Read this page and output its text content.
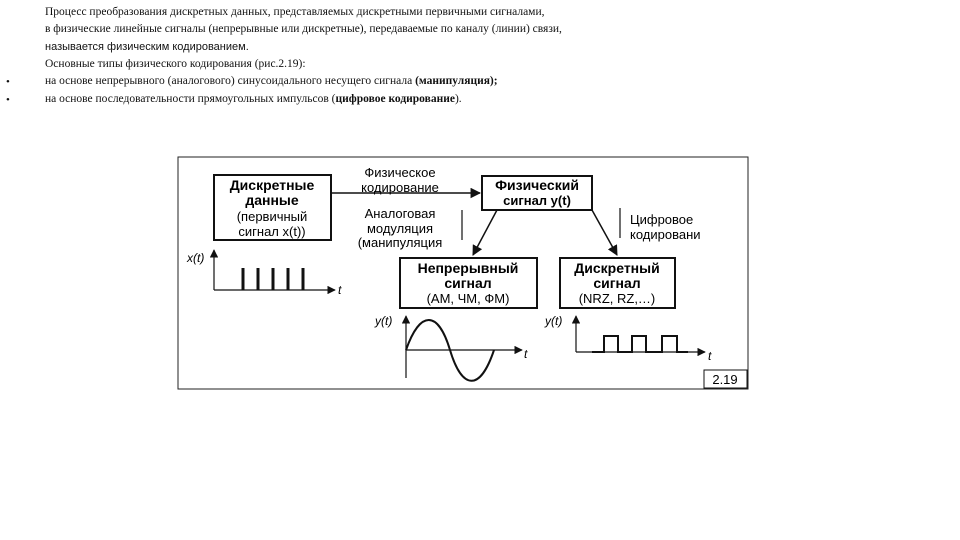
Процесс преобразования дискретных данных, представляемых дискретными первичными сигналами,
в физические линейные сигналы (непрерывные или дискретные), передаваемые по каналу (линии) связи,
называется физическим кодированием.
Основные типы физического кодирования (рис.2.19):
•	на основе непрерывного (аналогового) синусоидального несущего сигнала (манипуляция);
•	на основе последовательности прямоугольных импульсов (цифровое кодирование).
Дискретные
данные
(первичный
сигнал x(t))
Физическое
кодирование	Физический
сигнал y(t)
Аналоговая
модуляция
(манипуляция
Цифровое
кодировани
Непрерывный
сигнал
(AM, ЧМ, ФМ)
Дискретный
сигнал
(NRZ, RZ,…)
x(t)
t
y(t)
t
y(t)
t
2.19
